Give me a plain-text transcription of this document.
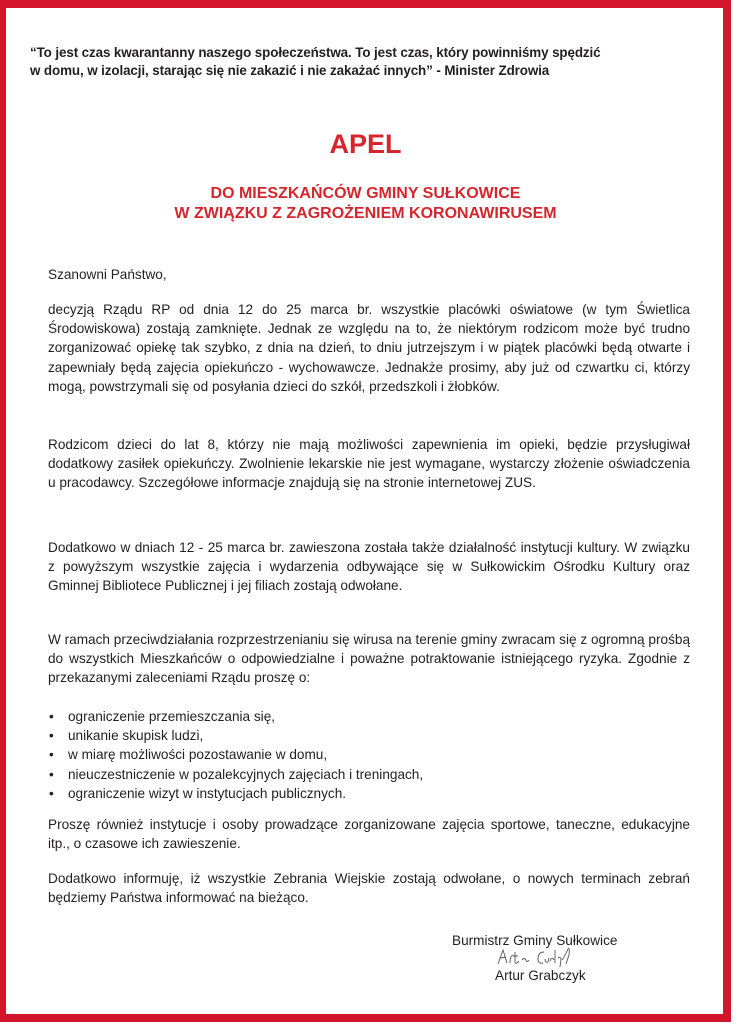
“To jest czas kwarantanny naszego społeczeństwa. To jest czas, który powinniśmy spędzić
w domu, w izolacji, starając się nie zakazić i nie zakażać innych” - Minister Zdrowia
APEL
DO MIESZKAŃCÓW GMINY SUŁKOWICE
W ZWIĄZKU Z ZAGROŻENIEM KORONAWIRUSEM

Szanowni Państwo,

decyzją Rządu RP od dnia 12 do 25 marca br. wszystkie placówki oświatowe (w tym Świetlica Środowiskowa) zostają zamknięte. Jednak ze względu na to, że niektórym rodzicom może być trudno zorganizować opiekę tak szybko, z dnia na dzień, to dniu jutrzejszym i w piątek placówki będą otwarte i zapewniały będą zajęcia opiekuńczo - wychowawcze. Jednakże prosimy, aby już od czwartku ci, którzy mogą, powstrzymali się od posyłania dzieci do szkół, przedszkoli i żłobków.

Rodzicom dzieci do lat 8, którzy nie mają możliwości zapewnienia im opieki, będzie przysługiwał dodatkowy zasiłek opiekuńczy. Zwolnienie lekarskie nie jest wymagane, wystarczy złożenie oświadczenia u pracodawcy. Szczegółowe informacje znajdują się na stronie internetowej ZUS.

Dodatkowo w dniach 12 - 25 marca br. zawieszona została także działalność instytucji kultury. W związku z powyższym wszystkie zajęcia i wydarzenia odbywające się w Sułkowickim Ośrodku Kultury oraz Gminnej Bibliotece Publicznej i jej filiach zostają odwołane.

W ramach przeciwdziałania rozprzestrzenianiu się wirusa na terenie gminy zwracam się z ogromną prośbą do wszystkich Mieszkańców o odpowiedzialne i poważne potraktowanie istniejącego ryzyka. Zgodnie z przekazanymi zaleceniami Rządu proszę o:

• ograniczenie przemieszczania się,
• unikanie skupisk ludzi,
• w miarę możliwości pozostawanie w domu,
• nieuczestniczenie w pozalekcyjnych zajęciach i treningach,
• ograniczenie wizyt w instytucjach publicznych.

Proszę również instytucje i osoby prowadzące zorganizowane zajęcia sportowe, taneczne, edukacyjne itp., o czasowe ich zawieszenie.

Dodatkowo informuję, iż wszystkie Zebrania Wiejskie zostają odwołane, o nowych terminach zebrań będziemy Państwa informować na bieżąco.

Burmistrz Gminy Sułkowice
Artur Grabczyk
